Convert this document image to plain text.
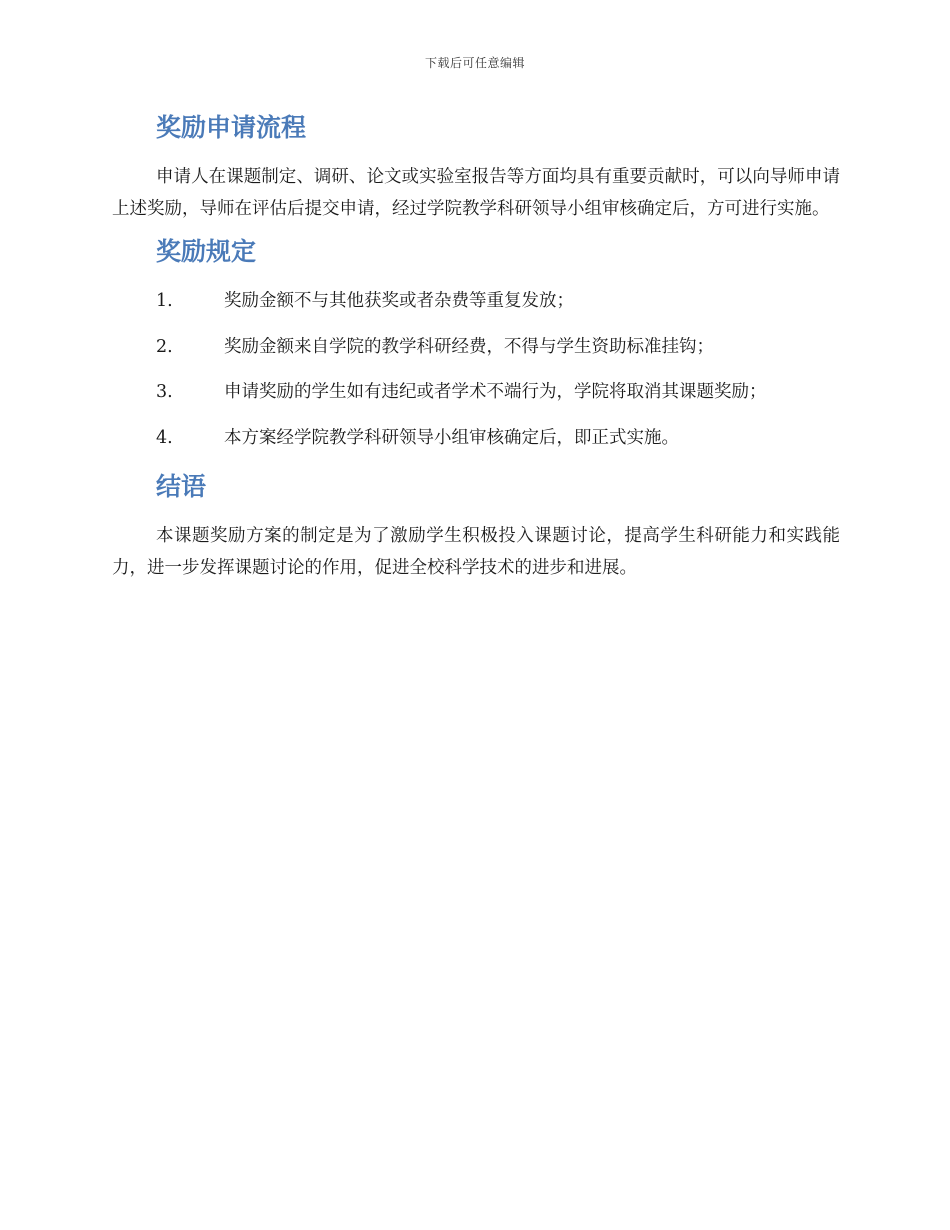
下载后可任意编辑
奖励申请流程

申请人在课题制定、调研、论文或实验室报告等方面均具有重要贡献时，可以向导师申请上述奖励，导师在评估后提交申请，经过学院教学科研领导小组审核确定后，方可进行实施。

奖励规定
1.	奖励金额不与其他获奖或者杂费等重复发放；
2.	奖励金额来自学院的教学科研经费，不得与学生资助标准挂钩；
3.	申请奖励的学生如有违纪或者学术不端行为，学院将取消其课题奖励；
4.	本方案经学院教学科研领导小组审核确定后，即正式实施。
结语

本课题奖励方案的制定是为了激励学生积极投入课题讨论，提高学生科研能力和实践能力，进一步发挥课题讨论的作用，促进全校科学技术的进步和进展。
